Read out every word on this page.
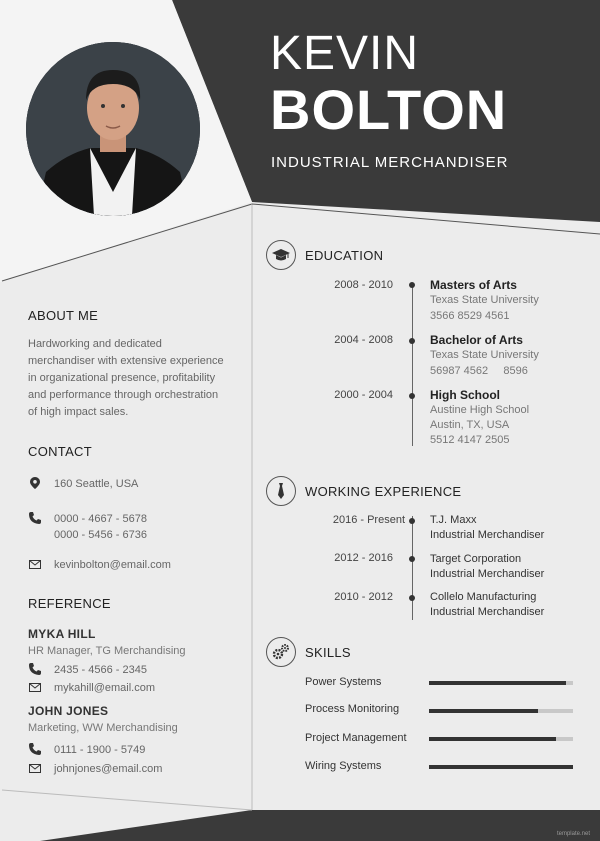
KEVIN
BOLTON
INDUSTRIAL MERCHANDISER
ABOUT ME
Hardworking and dedicated
merchandiser with extensive experience
in organizational presence, profitability
and performance through orchestration
of high impact sales.
CONTACT
160 Seattle, USA
0000 - 4667 - 5678
0000 - 5456 - 6736
kevinbolton@email.com
REFERENCE
MYKA HILL
HR Manager, TG Merchandising
2435 - 4566 - 2345
mykahill@email.com
JOHN JONES
Marketing, WW Merchandising
0111 - 1900 - 5749
johnjones@email.com
EDUCATION
2008 - 2010	Masters of Arts
Texas State University
3566 8529 4561
2004 - 2008	Bachelor of Arts
Texas State University
56987 4562     8596
2000 - 2004	High School
Austine High School
Austin, TX, USA
5512 4147 2505
WORKING EXPERIENCE
2016 - Present T.J. Maxx
Industrial Merchandiser
2012 - 2016	Target Corporation
Industrial Merchandiser
2010 - 2012	Collelo Manufacturing
Industrial Merchandiser
SKILLS
Power Systems
Process Monitoring
Project Management
Wiring Systems
template.net
